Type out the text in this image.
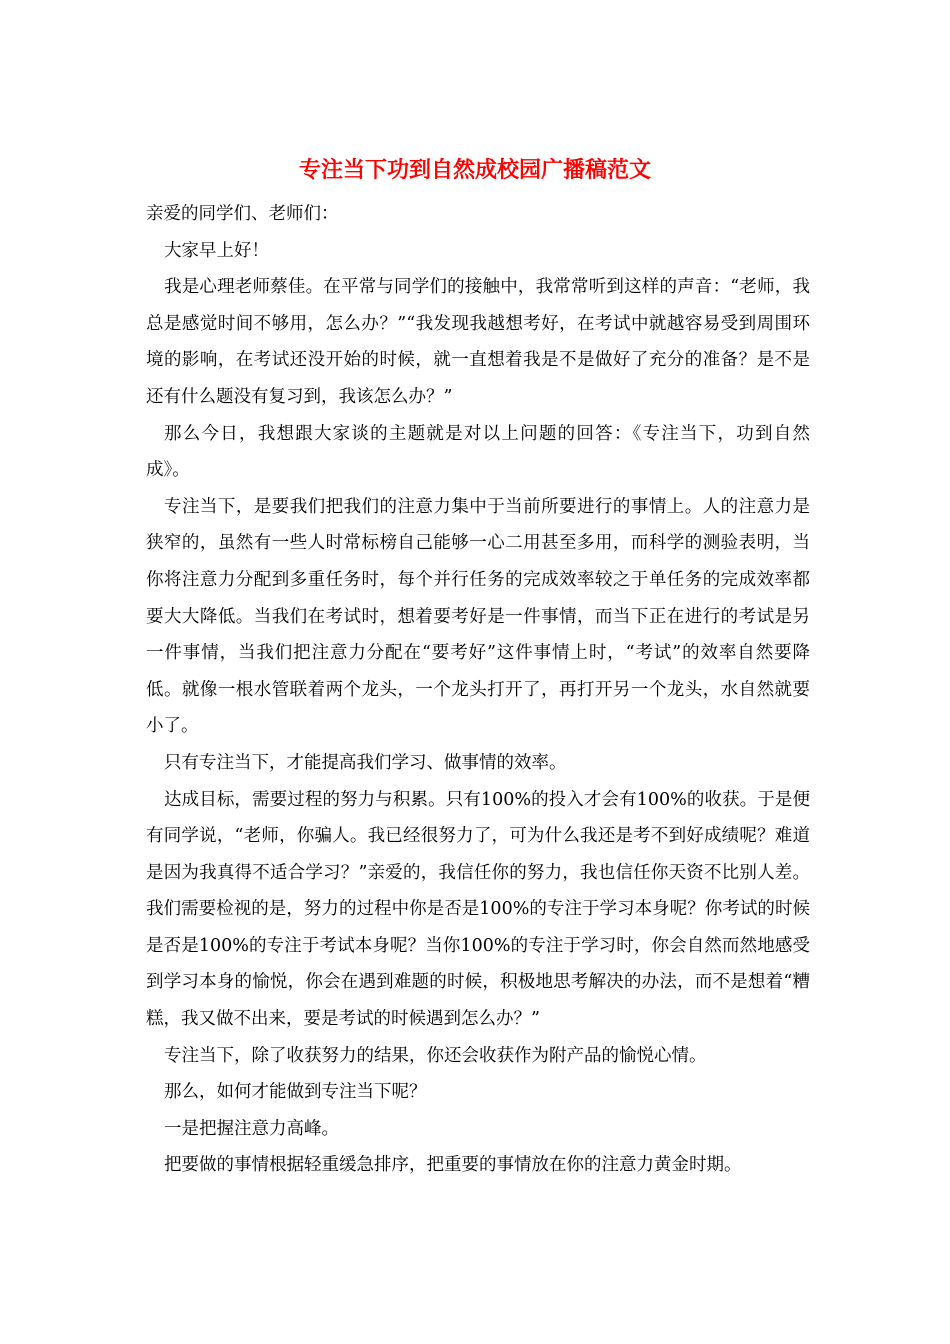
专注当下功到自然成校园广播稿范文

亲爱的同学们、老师们：

大家早上好！

我是心理老师蔡佳。在平常与同学们的接触中，我常常听到这样的声音：“老师，我总是感觉时间不够用，怎么办？”“我发现我越想考好，在考试中就越容易受到周围环境的影响，在考试还没开始的时候，就一直想着我是不是做好了充分的准备？是不是还有什么题没有复习到，我该怎么办？”

那么今日，我想跟大家谈的主题就是对以上问题的回答：《专注当下，功到自然成》。

专注当下，是要我们把我们的注意力集中于当前所要进行的事情上。人的注意力是狭窄的，虽然有一些人时常标榜自己能够一心二用甚至多用，而科学的测验表明，当你将注意力分配到多重任务时，每个并行任务的完成效率较之于单任务的完成效率都要大大降低。当我们在考试时，想着要考好是一件事情，而当下正在进行的考试是另一件事情，当我们把注意力分配在“要考好”这件事情上时，“考试”的效率自然要降低。就像一根水管联着两个龙头，一个龙头打开了，再打开另一个龙头，水自然就要小了。

只有专注当下，才能提高我们学习、做事情的效率。

达成目标，需要过程的努力与积累。只有100%的投入才会有100%的收获。于是便有同学说，“老师，你骗人。我已经很努力了，可为什么我还是考不到好成绩呢？难道是因为我真得不适合学习？”亲爱的，我信任你的努力，我也信任你天资不比别人差。我们需要检视的是，努力的过程中你是否是100%的专注于学习本身呢？你考试的时候是否是100%的专注于考试本身呢？当你100%的专注于学习时，你会自然而然地感受到学习本身的愉悦，你会在遇到难题的时候，积极地思考解决的办法，而不是想着“糟糕，我又做不出来，要是考试的时候遇到怎么办？”

专注当下，除了收获努力的结果，你还会收获作为附产品的愉悦心情。

那么，如何才能做到专注当下呢？

一是把握注意力高峰。

把要做的事情根据轻重缓急排序，把重要的事情放在你的注意力黄金时期。
